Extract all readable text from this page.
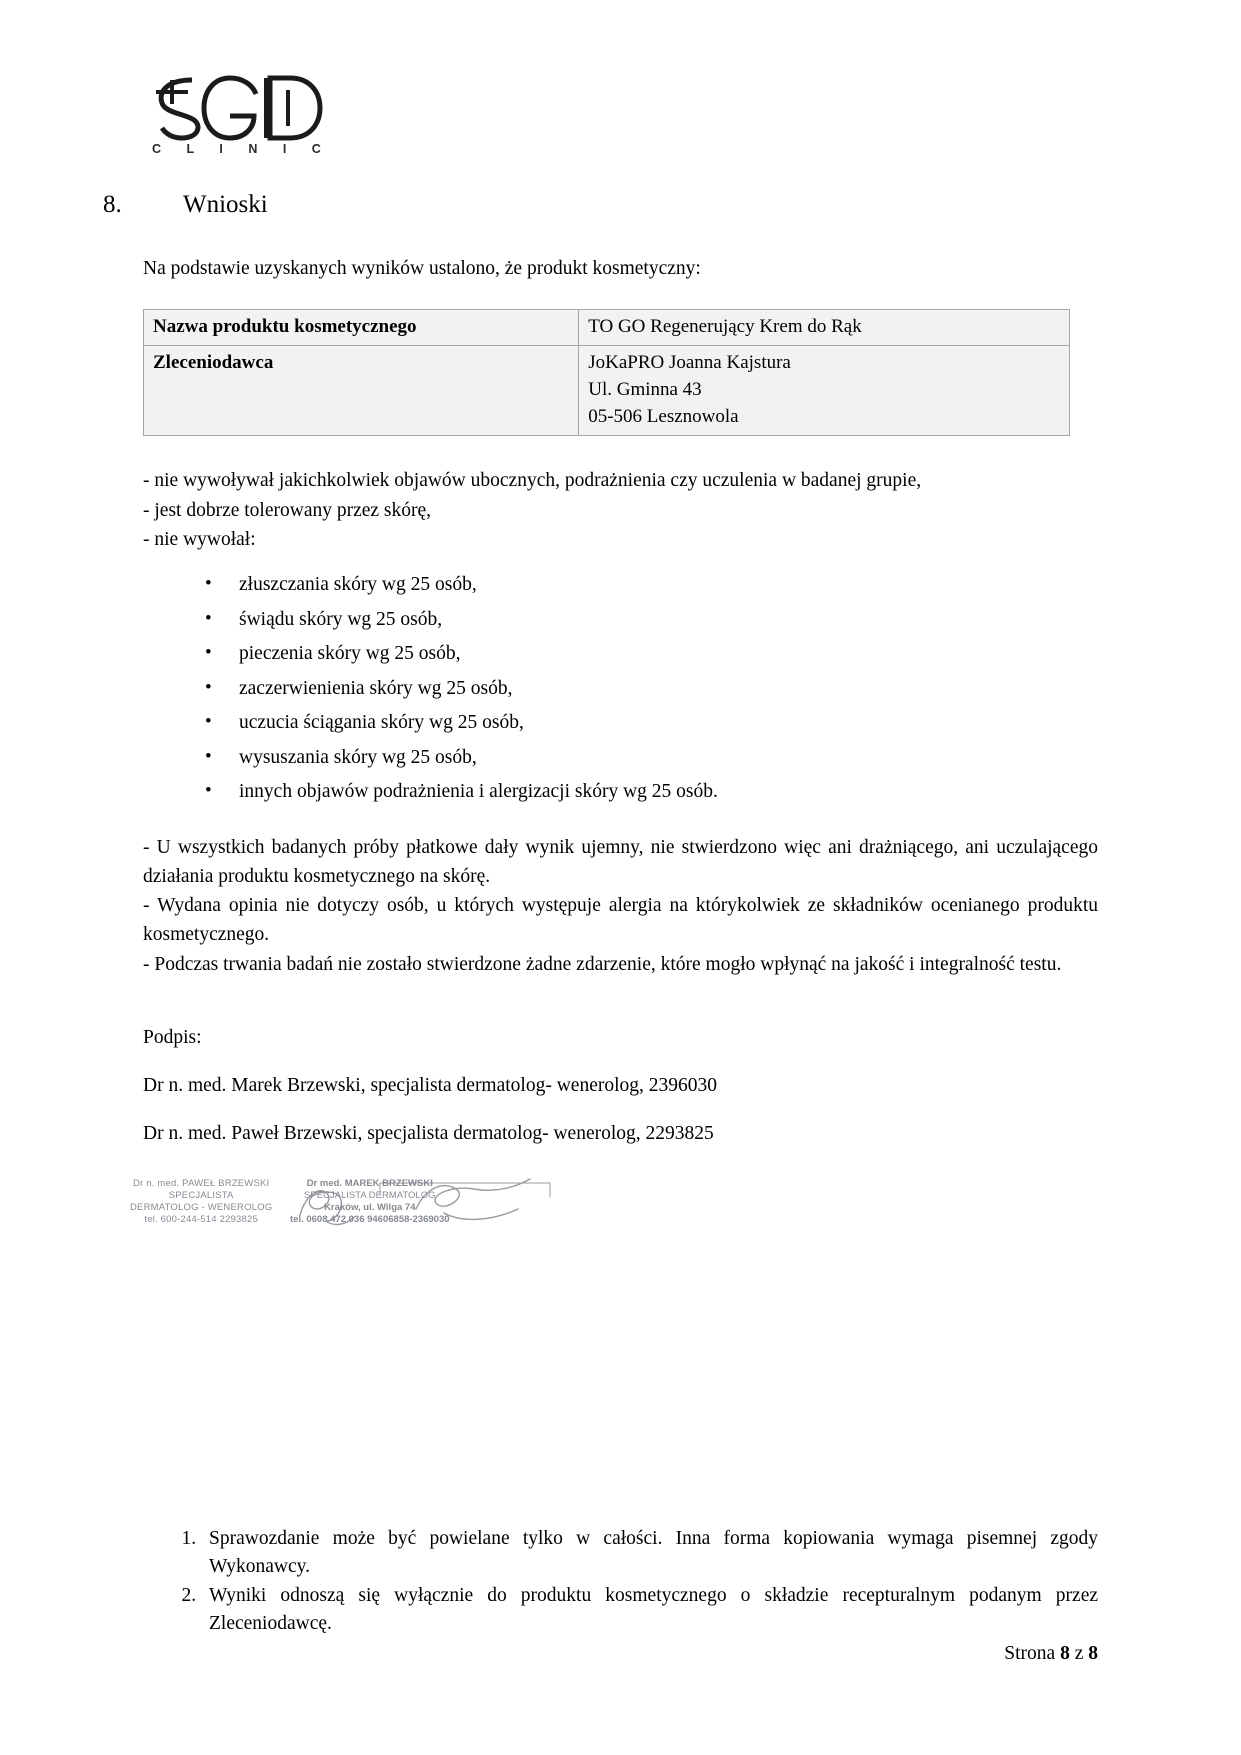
C L I N I C
8. Wnioski

Na podstawie uzyskanych wyników ustalono, że produkt kosmetyczny:

Nazwa produktu kosmetycznego	TO GO Regenerujący Krem do Rąk

Zleceniodawca	JoKaPRO Joanna Kajstura
Ul. Gminna 43
05-506 Lesznowola
- nie wywoływał jakichkolwiek objawów ubocznych, podrażnienia czy uczulenia w badanej grupie,
- jest dobrze tolerowany przez skórę,
- nie wywołał:
• złuszczania skóry wg 25 osób,
• świądu skóry wg 25 osób,
• pieczenia skóry wg 25 osób,
• zaczerwienienia skóry wg 25 osób,
• uczucia ściągania skóry wg 25 osób,
• wysuszania skóry wg 25 osób,
• innych objawów podrażnienia i alergizacji skóry wg 25 osób.

- U wszystkich badanych próby płatkowe dały wynik ujemny, nie stwierdzono więc ani drażniącego, ani uczulającego działania produktu kosmetycznego na skórę.

- Wydana opinia nie dotyczy osób, u których występuje alergia na którykolwiek ze składników ocenianego produktu kosmetycznego.

- Podczas trwania badań nie zostało stwierdzone żadne zdarzenie, które mogło wpłynąć na jakość i integralność testu.

Podpis:
Dr n. med. Marek Brzewski, specjalista dermatolog- wenerolog, 2396030
Dr n. med. Paweł Brzewski, specjalista dermatolog- wenerolog, 2293825
Dr n. med. PAWEŁ BRZEWSKI
SPECJALISTA
DERMATOLOG - WENEROLOG
tel. 600-244-514 2293825
Dr med. MAREK BRZEWSKI
SPECJALISTA DERMATOLOG
Kraków, ul. Wilga 74
tel. 0608 472 036 94606858-2369030
1. Sprawozdanie może być powielane tylko w całości. Inna forma kopiowania wymaga pisemnej zgody Wykonawcy.
2. Wyniki odnoszą się wyłącznie do produktu kosmetycznego o składzie recepturalnym podanym przez Zleceniodawcę.
Strona 8 z 8
